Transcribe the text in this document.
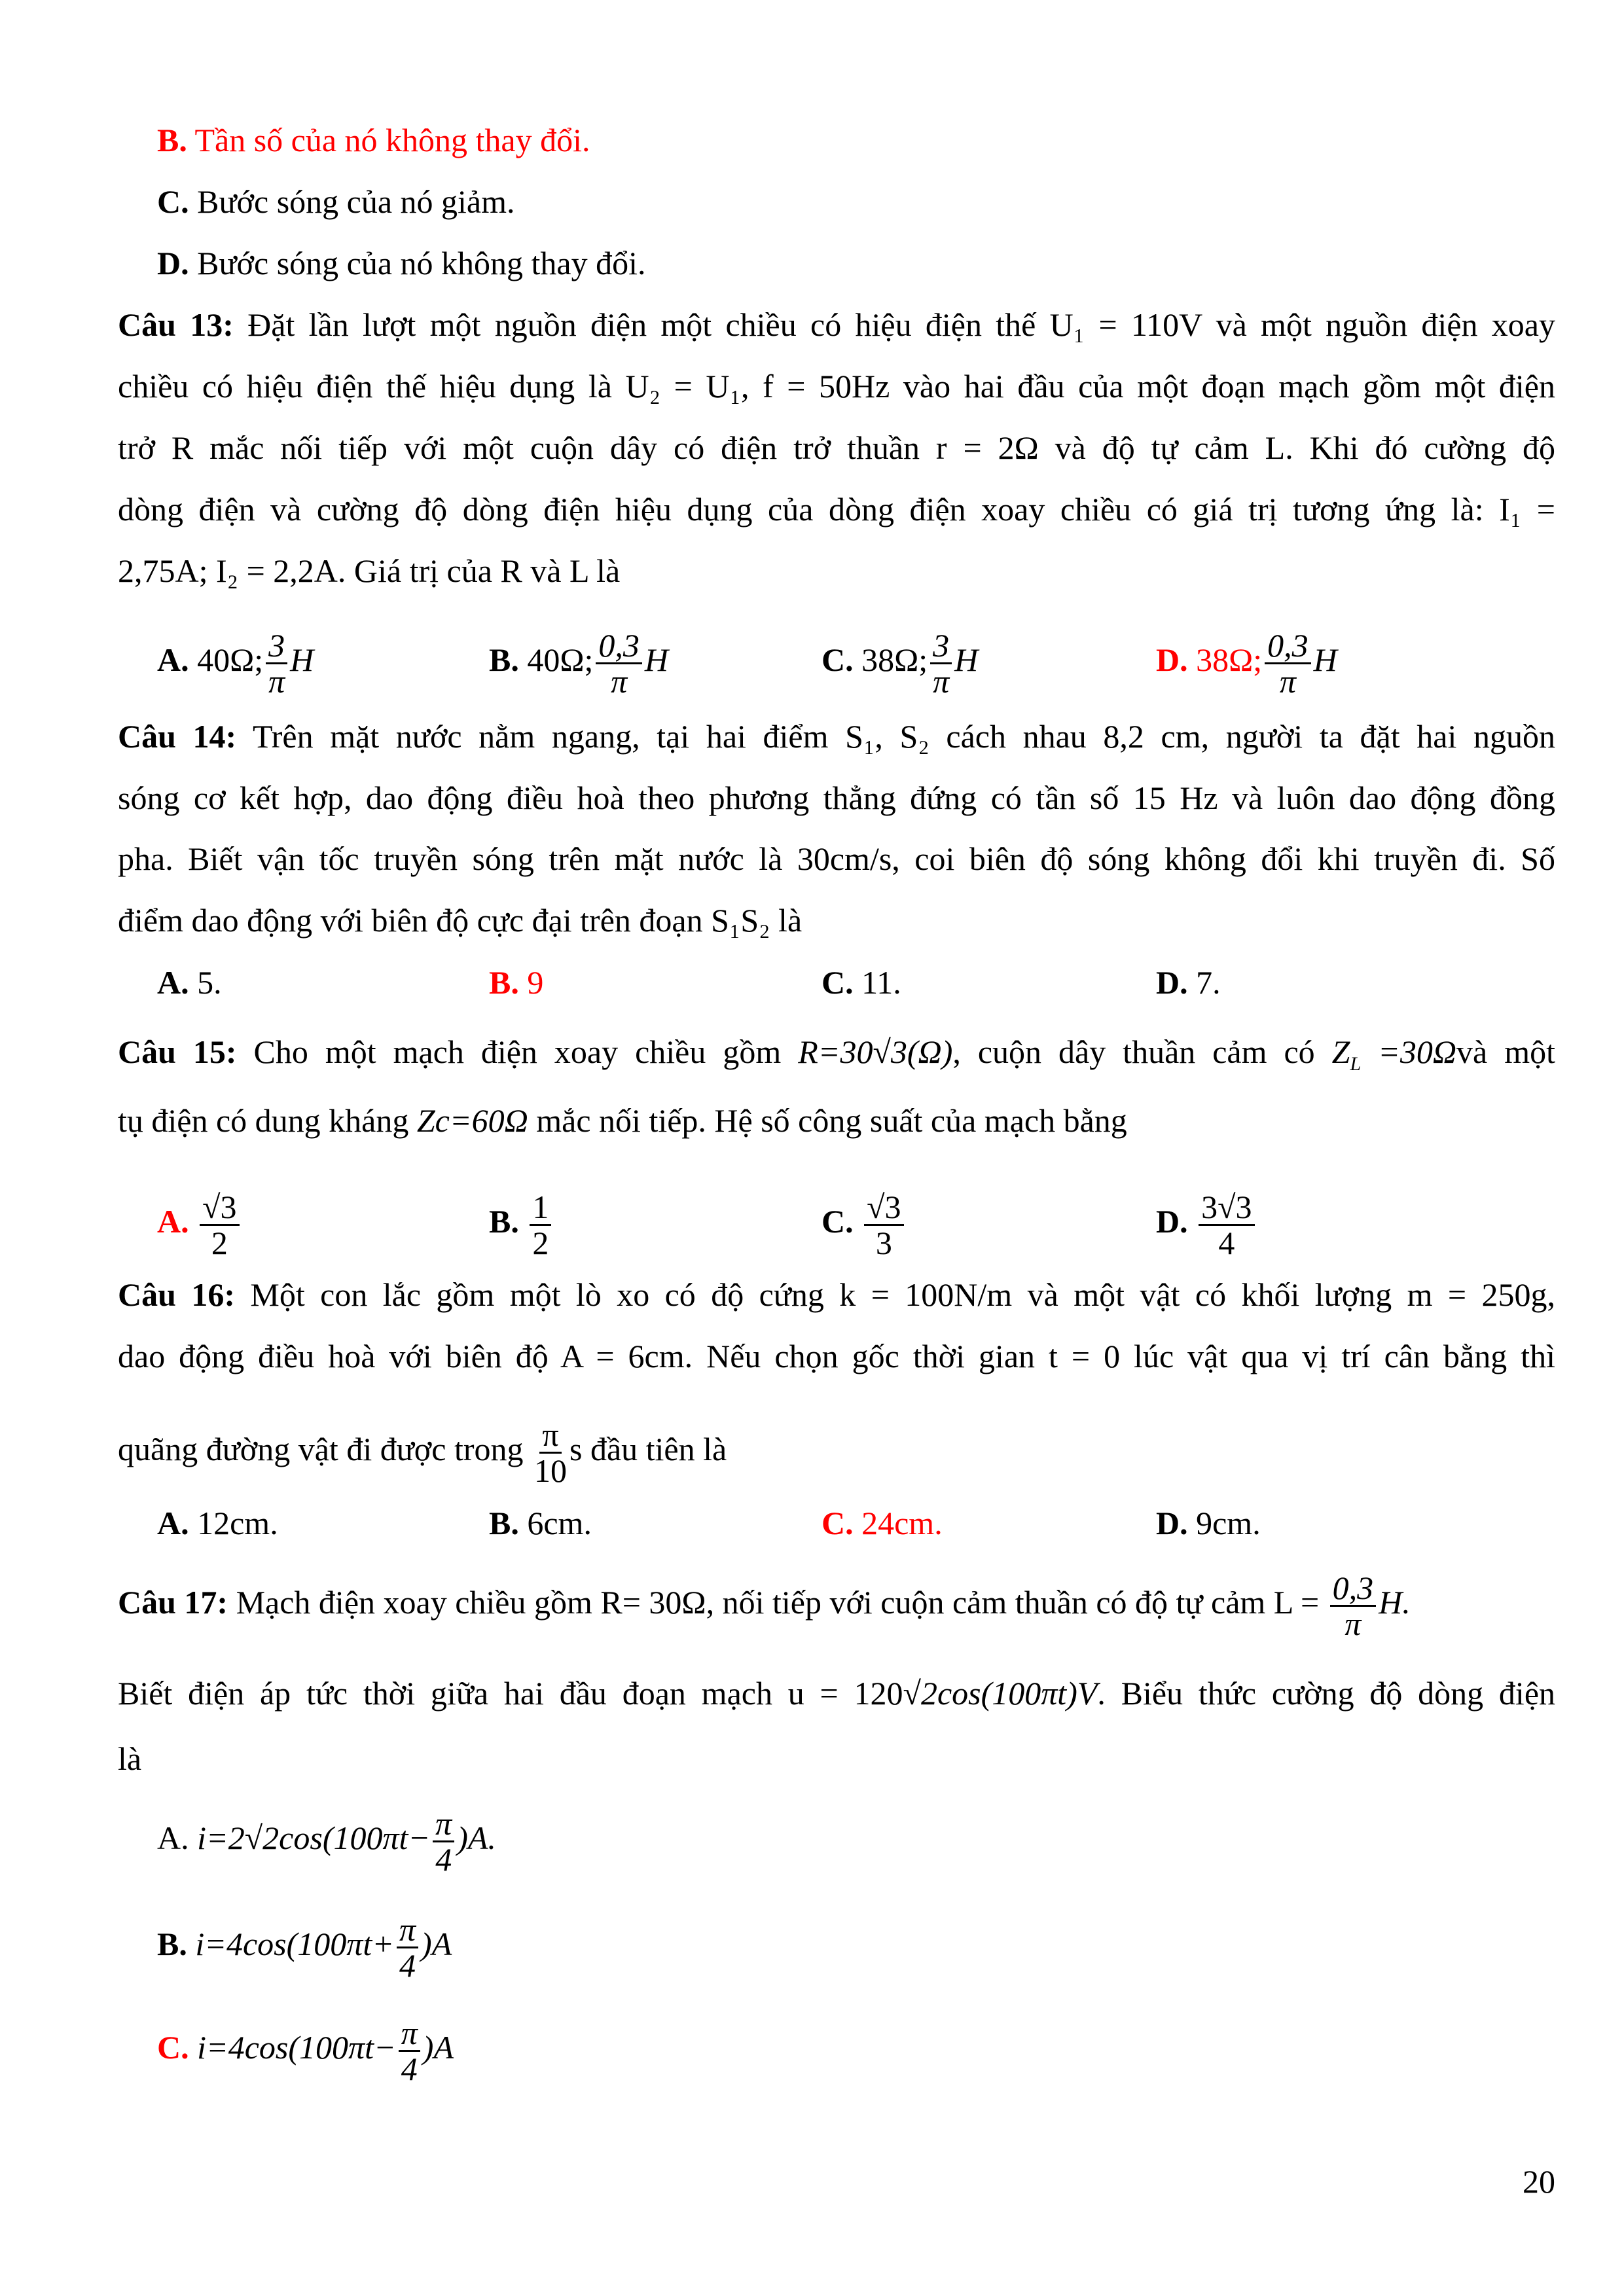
B. Tần số của nó không thay đổi.
C. Bước sóng của nó giảm.
D. Bước sóng của nó không thay đổi.
Câu 13: Đặt lần lượt một nguồn điện một chiều có hiệu điện thế U₁ = 110V và một nguồn điện xoay
chiều có hiệu điện thế hiệu dụng là U₂ = U₁, f = 50Hz vào hai đầu của một đoạn mạch gồm một điện
trở R mắc nối tiếp với một cuộn dây có điện trở thuần r = 2Ω và độ tự cảm L. Khi đó cường độ
dòng điện và cường độ dòng điện hiệu dụng của dòng điện xoay chiều có giá trị tương ứng là: I₁ =
2,75A; I₂ = 2,2A. Giá trị của R và L là
A. 40Ω; $\frac{3}{\pi}$ H	B. 40Ω; $\frac{0,3}{\pi}$ H	C. 38Ω; $\frac{3}{\pi}$ H	D. 38Ω; $\frac{0,3}{\pi}$ H
Câu 14: Trên mặt nước nằm ngang, tại hai điểm S₁, S₂ cách nhau 8,2 cm, người ta đặt hai nguồn
sóng cơ kết hợp, dao động điều hoà theo phương thẳng đứng có tần số 15 Hz và luôn dao động đồng
pha. Biết vận tốc truyền sóng trên mặt nước là 30cm/s, coi biên độ sóng không đổi khi truyền đi. Số
điểm dao động với biên độ cực đại trên đoạn S₁S₂ là
A. 5.	B. 9	C. 11.	D. 7.
Câu 15: Cho một mạch điện xoay chiều gồm R=30√3(Ω), cuộn dây thuần cảm có $Z_L$ =30Ωvà một
tụ điện có dung kháng Zc=60Ω mắc nối tiếp. Hệ số công suất của mạch bằng
A. $\frac{√3}{2}$	B. $\frac{1}{2}$	C. $\frac{√3}{3}$	D. $\frac{3√3}{4}$
Câu 16: Một con lắc gồm một lò xo có độ cứng k = 100N/m và một vật có khối lượng m = 250g,
dao động điều hoà với biên độ A = 6cm. Nếu chọn gốc thời gian t = 0 lúc vật qua vị trí cân bằng thì
quãng đường vật đi được trong $\frac{\pi}{10}$ s đầu tiên là
A. 12cm.	B. 6cm.	C. 24cm.	D. 9cm.
Câu 17: Mạch điện xoay chiều gồm R= 30Ω, nối tiếp với cuộn cảm thuần có độ tự cảm $L = \frac{0,3}{\pi} H$.
Biết điện áp tức thời giữa hai đầu đoạn mạch u = 120√2cos(100πt)V. Biểu thức cường độ dòng điện
là
A. $i=2√2\cos(100\pi t- \frac{\pi}{4} )A$.
B. $i=4\cos(100\pi t+ \frac{\pi}{4} )A$
C. $i=4\cos(100\pi t- \frac{\pi}{4} )A$
20
